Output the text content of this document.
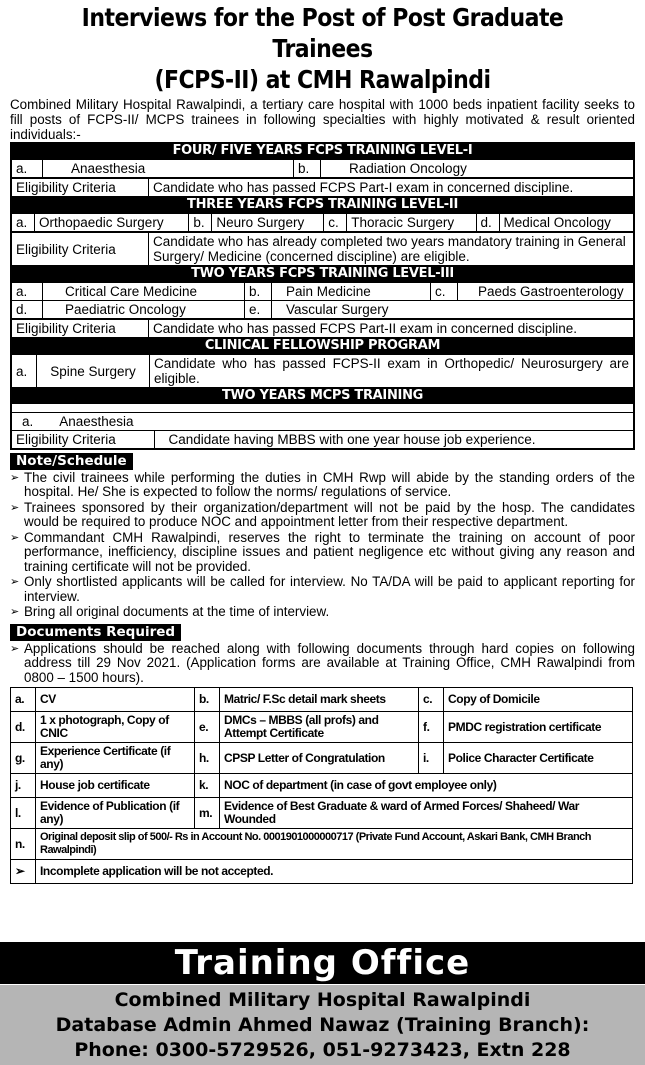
Interviews for the Post of Post Graduate Trainees
(FCPS-II) at CMH Rawalpindi
Combined Military Hospital Rawalpindi, a tertiary care hospital with 1000 beds inpatient facility seeks to fill posts of FCPS-II/ MCPS trainees in following specialties with highly motivated & result oriented individuals:-
FOUR/ FIVE YEARS FCPS TRAINING LEVEL-I
a.	Anaesthesia	b.	Radiation Oncology
Eligibility Criteria	Candidate who has passed FCPS Part-I exam in concerned discipline.
THREE YEARS FCPS TRAINING LEVEL-II
a.	Orthopaedic Surgery	b.	Neuro Surgery	c.	Thoracic Surgery	d.	Medical Oncology
Eligibility Criteria	Candidate who has already completed two years mandatory training in General Surgery/ Medicine (concerned discipline) are eligible.
TWO YEARS FCPS TRAINING LEVEL-III
a.	Critical Care Medicine	b.	Pain Medicine	c.	Paeds Gastroenterology
d.	Paediatric Oncology	e.	Vascular Surgery		
Eligibility Criteria	Candidate who has passed FCPS Part-II exam in concerned discipline.
CLINICAL FELLOWSHIP PROGRAM
a.	Spine Surgery	Candidate who has passed FCPS-II exam in Orthopedic/ Neurosurgery are eligible.
TWO YEARS MCPS TRAINING

a. Anaesthesia	
Eligibility Criteria	Candidate having MBBS with one year house job experience.
Note/Schedule
➢ The civil trainees while performing the duties in CMH Rwp will abide by the standing orders of the hospital. He/ She is expected to follow the norms/ regulations of service.
➢ Trainees sponsored by their organization/department will not be paid by the hosp. The candidates would be required to produce NOC and appointment letter from their respective department.
➢ Commandant CMH Rawalpindi, reserves the right to terminate the training on account of poor performance, inefficiency, discipline issues and patient negligence etc without giving any reason and training certificate will not be provided.
➢ Only shortlisted applicants will be called for interview. No TA/DA will be paid to applicant reporting for interview.
➢ Bring all original documents at the time of interview.
Documents Required
➢ Applications should be reached along with following documents through hard copies on following address till 29 Nov 2021. (Application forms are available at Training Office, CMH Rawalpindi from 0800 – 1500 hours).
a.	CV	b.	Matric/ F.Sc detail mark sheets	c.	Copy of Domicile
d.	1 x photograph, Copy of CNIC	e.	DMCs – MBBS (all profs) and Attempt Certificate	f.	PMDC registration certificate
g.	Experience Certificate (if any)	h.	CPSP Letter of Congratulation	i.	Police Character Certificate
j.	House job certificate	k.	NOC of department (in case of govt employee only)		
l.	Evidence of Publication (if any)	m.	Evidence of Best Graduate & ward of Armed Forces/ Shaheed/ War Wounded		
n.	Original deposit slip of 500/- Rs in Account No. 0001901000000717 (Private Fund Account, Askari Bank, CMH Branch Rawalpindi)				
➢	Incomplete application will be not accepted.				
Training Office
Combined Military Hospital Rawalpindi
Database Admin Ahmed Nawaz (Training Branch):
Phone: 0300-5729526, 051-9273423, Extn 228
